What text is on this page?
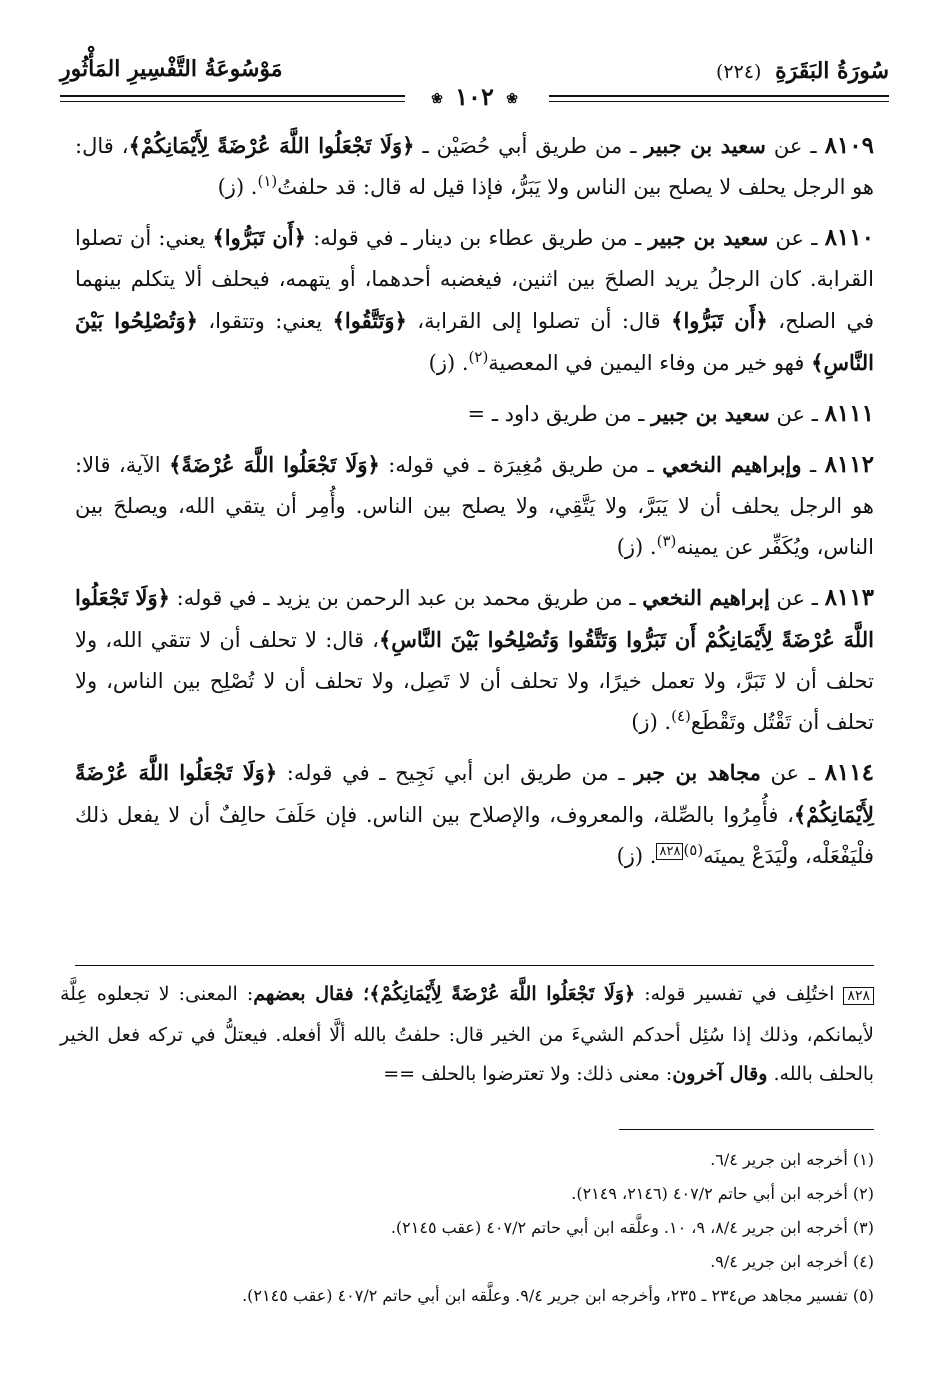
سُورَةُ البَقَرَةِ (٢٢٤)
مَوْسُوعَةُ التَّفْسِيرِ المَأْثُورِ
❀ ١٠٢ ❀

٨١٠٩ ـ عن سعيد بن جبير ـ من طريق أبي حُصَيْن ـ ﴿وَلَا تَجْعَلُوا اللَّهَ عُرْضَةً لِأَيْمَانِكُمْ﴾، قال: هو الرجل يحلف لا يصلح بين الناس ولا يَبَرُّ، فإذا قيل له قال: قد حلفتُ$^{(١)}$. (ز)

٨١١٠ ـ عن سعيد بن جبير ـ من طريق عطاء بن دينار ـ في قوله: ﴿أَن تَبَرُّوا﴾ يعني: أن تصلوا القرابة. كان الرجلُ يريد الصلحَ بين اثنين، فيغضبه أحدهما، أو يتهمه، فيحلف ألا يتكلم بينهما في الصلح، ﴿أَن تَبَرُّوا﴾ قال: أن تصلوا إلى القرابة، ﴿وَتَتَّقُوا﴾ يعني: وتتقوا، ﴿وَتُصْلِحُوا بَيْنَ النَّاسِ﴾ فهو خير من وفاء اليمين في المعصية$^{(٢)}$. (ز)

٨١١١ ـ عن سعيد بن جبير ـ من طريق داود ـ =

٨١١٢ ـ وإبراهيم النخعي ـ من طريق مُغِيرَة ـ في قوله: ﴿وَلَا تَجْعَلُوا اللَّهَ عُرْضَةً﴾ الآية، قالا: هو الرجل يحلف أن لا يَبَرَّ، ولا يَتَّقِي، ولا يصلح بين الناس. وأُمِر أن يتقي الله، ويصلحَ بين الناس، ويُكَفِّر عن يمينه$^{(٣)}$. (ز)

٨١١٣ ـ عن إبراهيم النخعي ـ من طريق محمد بن عبد الرحمن بن يزيد ـ في قوله: ﴿وَلَا تَجْعَلُوا اللَّهَ عُرْضَةً لِأَيْمَانِكُمْ أَن تَبَرُّوا وَتَتَّقُوا وَتُصْلِحُوا بَيْنَ النَّاسِ﴾، قال: لا تحلف أن لا تتقي الله، ولا تحلف أن لا تَبَرَّ، ولا تعمل خيرًا، ولا تحلف أن لا تَصِل، ولا تحلف أن لا تُصْلِح بين الناس، ولا تحلف أن تَقْتُل وتَقْطَع$^{(٤)}$. (ز)

٨١١٤ ـ عن مجاهد بن جبر ـ من طريق ابن أبي نَجِيح ـ في قوله: ﴿وَلَا تَجْعَلُوا اللَّهَ عُرْضَةً لِأَيْمَانِكُمْ﴾، فأُمِرُوا بالصِّلة، والمعروف، والإصلاح بين الناس. فإن حَلَفَ حالِفٌ أن لا يفعل ذلك فلْيَفْعَلْه، ولْيَدَعْ يمينَه$^{(٥)٨٢٨}$. (ز)

٨٢٨ اختُلِف في تفسير قوله: ﴿وَلَا تَجْعَلُوا اللَّهَ عُرْضَةً لِأَيْمَانِكُمْ﴾؛ فقال بعضهم: المعنى: لا تجعلوه عِلَّة لأيمانكم، وذلك إذا سُئِل أحدكم الشيءَ من الخير قال: حلفتُ بالله ألَّا أفعله. فيعتلُّ في تركه فعل الخير بالحلف بالله. وقال آخرون: معنى ذلك: ولا تعترضوا بالحلف ==
(١) أخرجه ابن جرير ٤/‏٦.
(٢) أخرجه ابن أبي حاتم ٢/‏٤٠٧ (٢١٤٦، ٢١٤٩).
(٣) أخرجه ابن جرير ٤/‏٨، ٩، ١٠. وعلَّقه ابن أبي حاتم ٢/‏٤٠٧ (عقب ٢١٤٥).
(٤) أخرجه ابن جرير ٤/‏٩.
(٥) تفسير مجاهد ص٢٣٤ ـ ٢٣٥، وأخرجه ابن جرير ٤/‏٩. وعلَّقه ابن أبي حاتم ٢/‏٤٠٧ (عقب ٢١٤٥).
